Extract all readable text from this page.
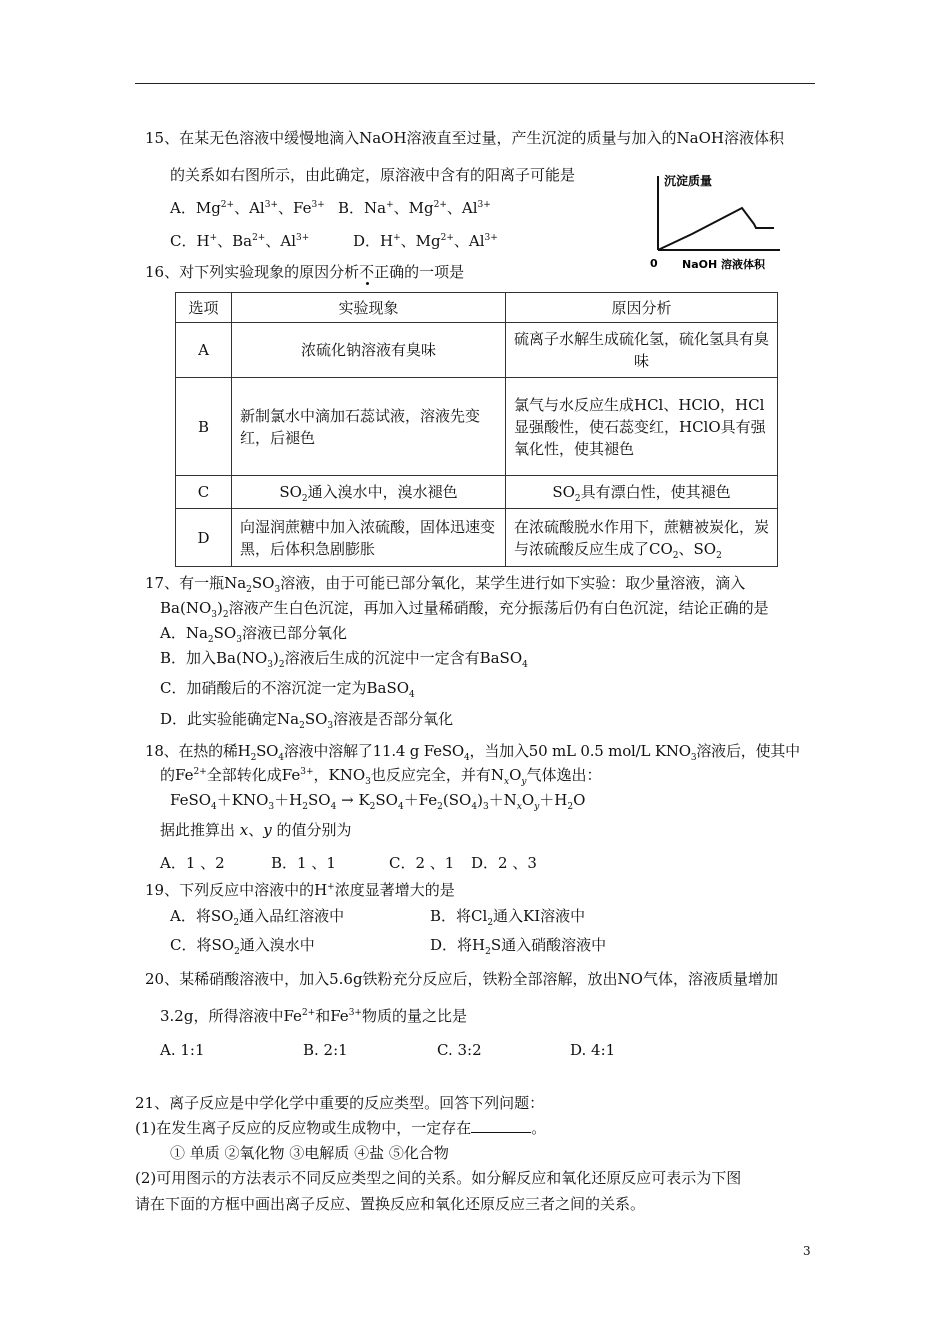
15、在某无色溶液中缓慢地滴入NaOH溶液直至过量，产生沉淀的质量与加入的NaOH溶液体积
的关系如右图所示，由此确定，原溶液中含有的阳离子可能是
A．$Mg^{2+}$、$Al^{3+}$、$Fe^{3+}$ B．Na+、$Mg^{2+}$、$Al^{3+}$
C．H+、$Ba^{2+}$、$Al^{3+}$	D．H+、$Mg^{2+}$、$Al^{3+}$
沉淀质量
0 NaOH 溶液体积
16、对下列实验现象的原因分析不正确的一项是
选项	实验现象	原因分析
A	浓硫化钠溶液有臭味	硫离子水解生成硫化氢，硫化氢具有臭味
B	新制氯水中滴加石蕊试液，溶液先变红，后褪色	氯气与水反应生成HCl、HClO，HCl显强酸性，使石蕊变红，HClO具有强氧化性，使其褪色
C	$SO_2$通入溴水中，溴水褪色	$SO_2$具有漂白性，使其褪色
D	向湿润蔗糖中加入浓硫酸，固体迅速变黑，后体积急剧膨胀	在浓硫酸脱水作用下，蔗糖被炭化，炭与浓硫酸反应生成了$CO_2$、$SO_2$
17、有一瓶$Na_2SO_3$溶液，由于可能已部分氧化，某学生进行如下实验：取少量溶液，滴入
$Ba(NO_3)_2$溶液产生白色沉淀，再加入过量稀硝酸，充分振荡后仍有白色沉淀，结论正确的是
A．$Na_2SO_3$溶液已部分氧化
B．加入$Ba(NO_3)_2$溶液后生成的沉淀中一定含有BaSO$_4$
C．加硝酸后的不溶沉淀一定为BaSO$_4$
D．此实验能确定$Na_2SO_3$溶液是否部分氧化
18、在热的稀$H_2SO_4$溶液中溶解了11.4 g FeSO$_4$，当加入50 mL 0.5 mol/L $KNO_3$溶液后，使其中
的$Fe^{2+}$全部转化成$Fe^{3+}$，$KNO_3$也反应完全，并有$N_xO_y$气体逸出：
$FeSO_4+KNO_3+H_2SO_4 \to K_2SO_4+Fe_2(SO_4)_3+N_xO_y+H_2O$
据此推算出 x、y 的值分别为
A．1 、2	B．1 、1	C．2 、1 D．2 、3
19、下列反应中溶液中的H+浓度显著增大的是
A．将$SO_2$通入品红溶液中	B．将$Cl_2$通入KI溶液中
C．将$SO_2$通入溴水中	D．将$H_2S$通入硝酸溶液中
20、某稀硝酸溶液中，加入5.6g铁粉充分反应后，铁粉全部溶解，放出NO气体，溶液质量增加
3.2g，所得溶液中$Fe^{2+}$和$Fe^{3+}$物质的量之比是
A. 1:1	B. 2:1	C. 3:2	D. 4:1
21、离子反应是中学化学中重要的反应类型。回答下列问题：
(1)在发生离子反应的反应物或生成物中，一定存在	。
① 单质 ②氧化物 ③电解质 ④盐 ⑤化合物
(2)可用图示的方法表示不同反应类型之间的关系。如分解反应和氧化还原反应可表示为下图
请在下面的方框中画出离子反应、置换反应和氧化还原反应三者之间的关系。
3
